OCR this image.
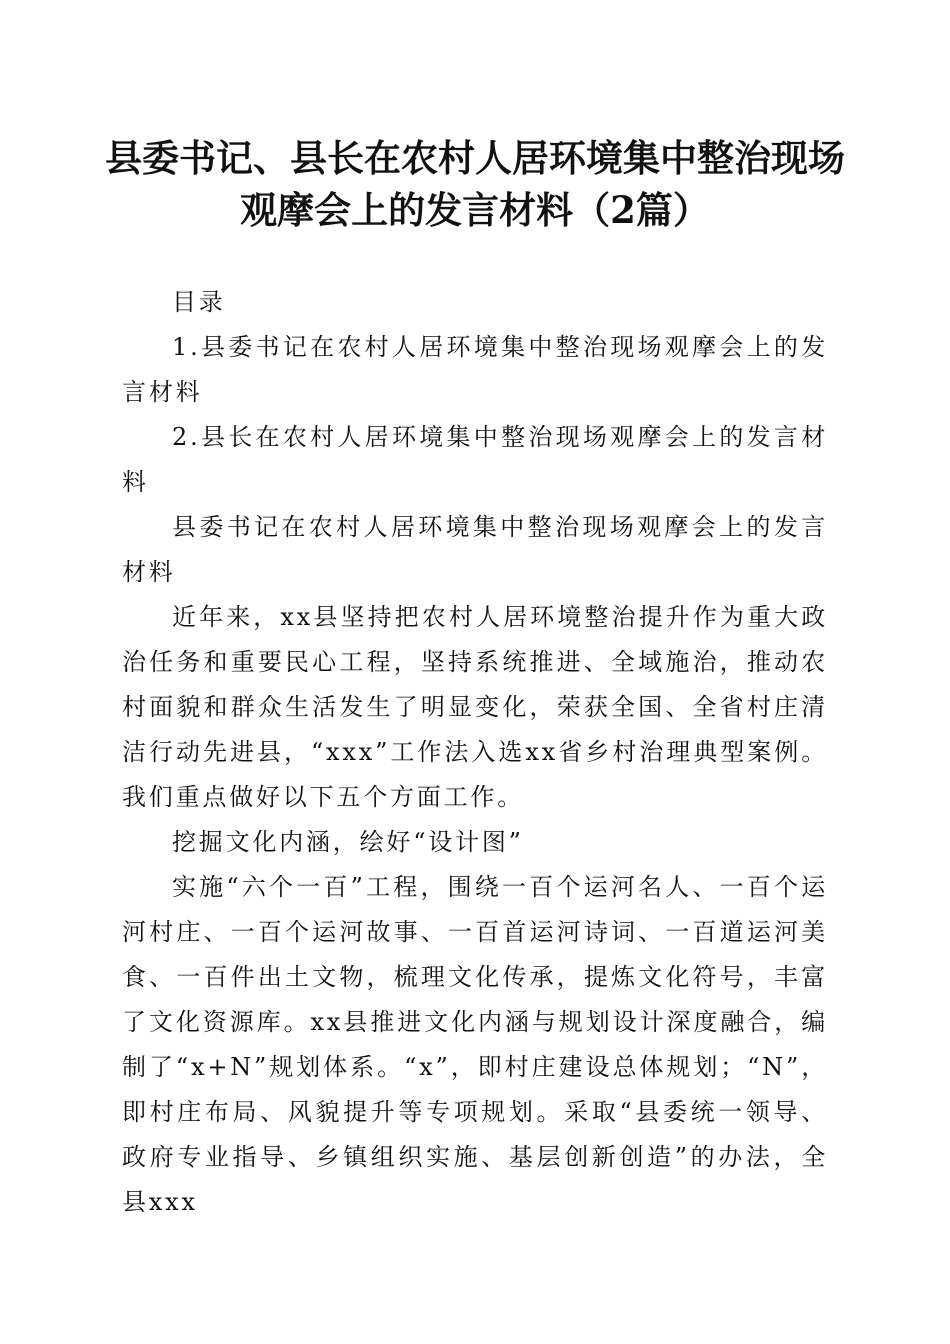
县委书记、县长在农村人居环境集中整治现场
观摩会上的发言材料（2篇）

目录

1.县委书记在农村人居环境集中整治现场观摩会上的发言材料

2.县长在农村人居环境集中整治现场观摩会上的发言材料

县委书记在农村人居环境集中整治现场观摩会上的发言材料

近年来，xx县坚持把农村人居环境整治提升作为重大政治任务和重要民心工程，坚持系统推进、全域施治，推动农村面貌和群众生活发生了明显变化，荣获全国、全省村庄清洁行动先进县，“xxx”工作法入选xx省乡村治理典型案例。我们重点做好以下五个方面工作。

挖掘文化内涵，绘好“设计图”

实施“六个一百”工程，围绕一百个运河名人、一百个运河村庄、一百个运河故事、一百首运河诗词、一百道运河美食、一百件出土文物，梳理文化传承，提炼文化符号，丰富了文化资源库。xx县推进文化内涵与规划设计深度融合，编制了“x+N”规划体系。“x”，即村庄建设总体规划；“N”，即村庄布局、风貌提升等专项规划。采取“县委统一领导、政府专业指导、乡镇组织实施、基层创新创造”的办法，全县xxx
